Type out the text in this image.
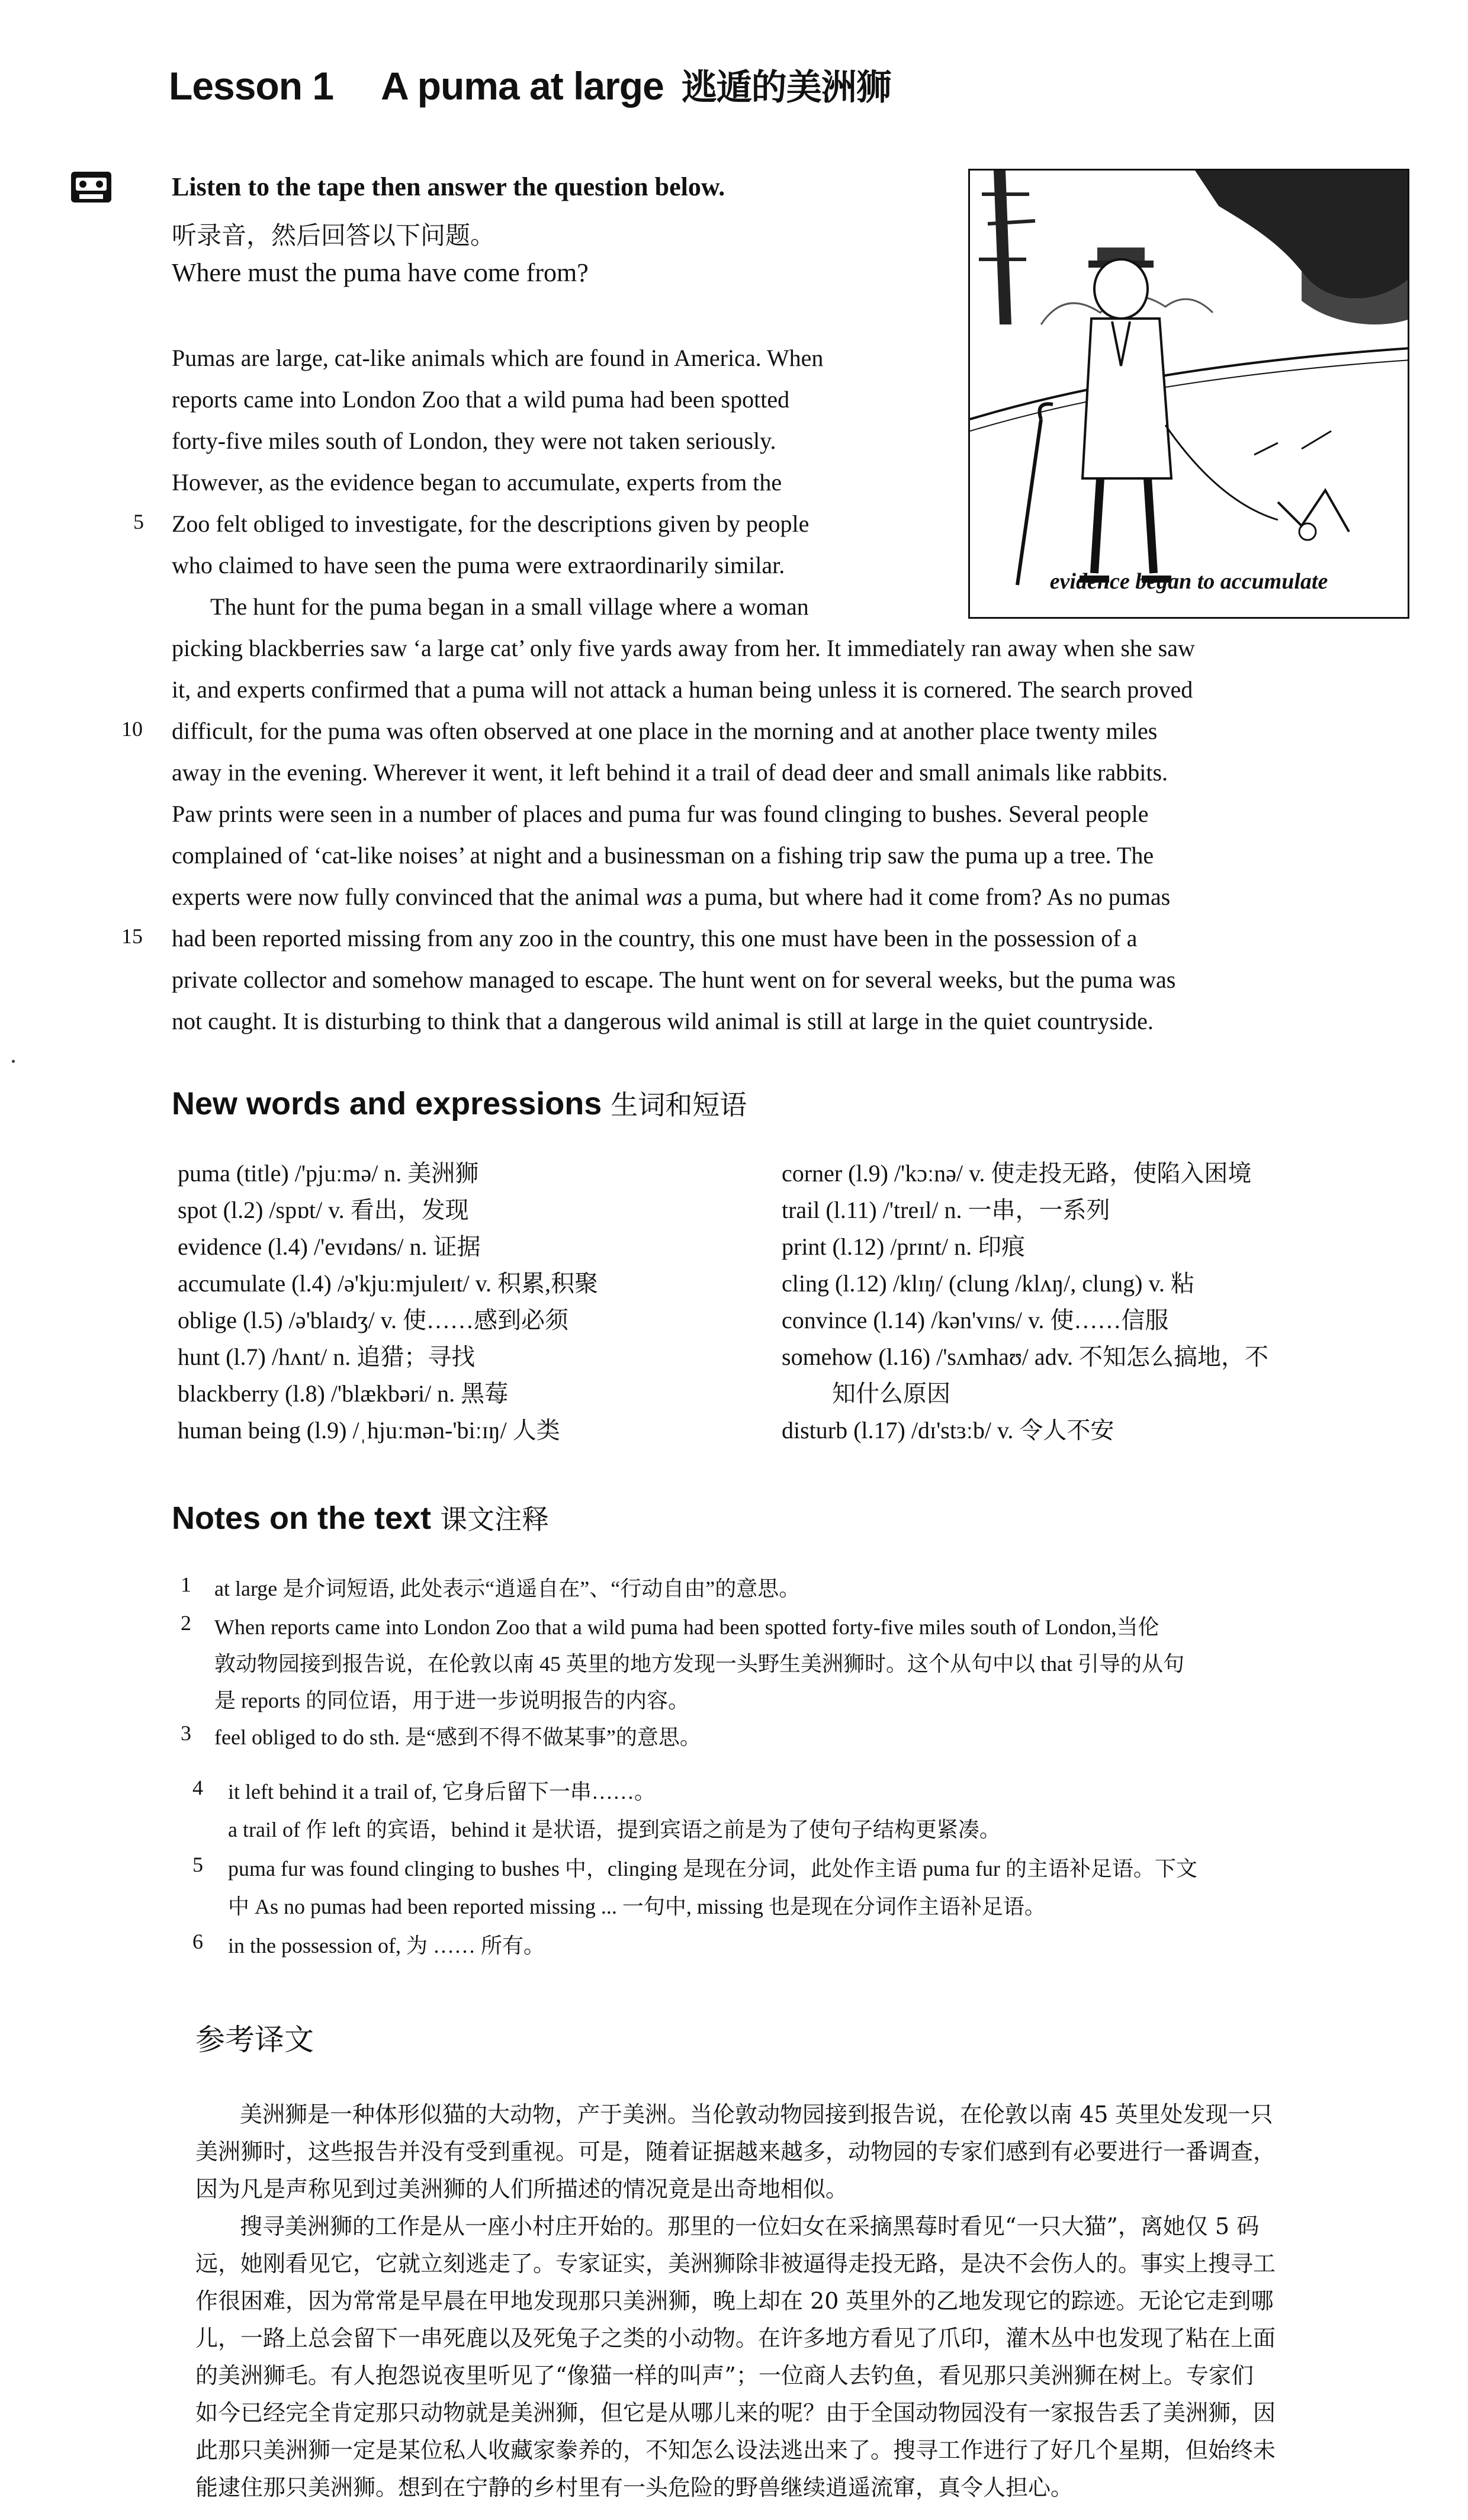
Lesson 1 A puma at large 逃遁的美洲狮
Listen to the tape then answer the question below.
听录音，然后回答以下问题。
Where must the puma have come from?
evidence began to accumulate
Pumas are large, cat-like animals which are found in America. When
reports came into London Zoo that a wild puma had been spotted
forty-five miles south of London, they were not taken seriously.
However, as the evidence began to accumulate, experts from the
Zoo felt obliged to investigate, for the descriptions given by people
who claimed to have seen the puma were extraordinarily similar.
The hunt for the puma began in a small village where a woman
picking blackberries saw ‘a large cat’ only five yards away from her. It immediately ran away when she saw
it, and experts confirmed that a puma will not attack a human being unless it is cornered. The search proved
difficult, for the puma was often observed at one place in the morning and at another place twenty miles
away in the evening. Wherever it went, it left behind it a trail of dead deer and small animals like rabbits.
Paw prints were seen in a number of places and puma fur was found clinging to bushes. Several people
complained of ‘cat-like noises’ at night and a businessman on a fishing trip saw the puma up a tree. The
experts were now fully convinced that the animal was a puma, but where had it come from? As no pumas
had been reported missing from any zoo in the country, this one must have been in the possession of a
private collector and somehow managed to escape. The hunt went on for several weeks, but the puma was
not caught. It is disturbing to think that a dangerous wild animal is still at large in the quiet countryside.
5
10
15
New words and expressions 生词和短语
puma (title) /'pjuːmə/ n. 美洲狮
spot (l.2) /spɒt/ v. 看出，发现
evidence (l.4) /'evɪdəns/ n. 证据
accumulate (l.4) /ə'kjuːmjuleɪt/ v. 积累,积聚
oblige (l.5) /ə'blaɪdʒ/ v. 使……感到必须
hunt (l.7) /hʌnt/ n. 追猎；寻找
blackberry (l.8) /'blækbəri/ n. 黑莓
human being (l.9) /ˌhjuːmən-'biːɪŋ/ 人类
corner (l.9) /'kɔːnə/ v. 使走投无路，使陷入困境
trail (l.11) /'treɪl/ n. 一串，一系列
print (l.12) /prɪnt/ n. 印痕
cling (l.12) /klɪŋ/ (clung /klʌŋ/, clung) v. 粘
convince (l.14) /kən'vɪns/ v. 使……信服
somehow (l.16) /'sʌmhaʊ/ adv. 不知怎么搞地，不
知什么原因
disturb (l.17) /dɪ'stɜːb/ v. 令人不安
Notes on the text 课文注释
1 at large 是介词短语, 此处表示“逍遥自在”、“行动自由”的意思。
2 When reports came into London Zoo that a wild puma had been spotted forty-five miles south of London,当伦
敦动物园接到报告说，在伦敦以南 45 英里的地方发现一头野生美洲狮时。这个从句中以 that 引导的从句
是 reports 的同位语，用于进一步说明报告的内容。
3 feel obliged to do sth. 是“感到不得不做某事”的意思。
4 it left behind it a trail of, 它身后留下一串……。
a trail of 作 left 的宾语，behind it 是状语，提到宾语之前是为了使句子结构更紧凑。
5 puma fur was found clinging to bushes 中，clinging 是现在分词，此处作主语 puma fur 的主语补足语。下文
中 As no pumas had been reported missing ... 一句中, missing 也是现在分词作主语补足语。
6 in the possession of, 为 …… 所有。
参考译文
美洲狮是一种体形似猫的大动物，产于美洲。当伦敦动物园接到报告说，在伦敦以南 45 英里处发现一只
美洲狮时，这些报告并没有受到重视。可是，随着证据越来越多，动物园的专家们感到有必要进行一番调查，
因为凡是声称见到过美洲狮的人们所描述的情况竟是出奇地相似。
搜寻美洲狮的工作是从一座小村庄开始的。那里的一位妇女在采摘黑莓时看见“一只大猫”，离她仅 5 码
远，她刚看见它，它就立刻逃走了。专家证实，美洲狮除非被逼得走投无路，是决不会伤人的。事实上搜寻工
作很困难，因为常常是早晨在甲地发现那只美洲狮，晚上却在 20 英里外的乙地发现它的踪迹。无论它走到哪
儿，一路上总会留下一串死鹿以及死兔子之类的小动物。在许多地方看见了爪印，灌木丛中也发现了粘在上面
的美洲狮毛。有人抱怨说夜里听见了“像猫一样的叫声”；一位商人去钓鱼，看见那只美洲狮在树上。专家们
如今已经完全肯定那只动物就是美洲狮，但它是从哪儿来的呢？由于全国动物园没有一家报告丢了美洲狮，因
此那只美洲狮一定是某位私人收藏家豢养的，不知怎么设法逃出来了。搜寻工作进行了好几个星期，但始终未
能逮住那只美洲狮。想到在宁静的乡村里有一头危险的野兽继续逍遥流窜，真令人担心。
